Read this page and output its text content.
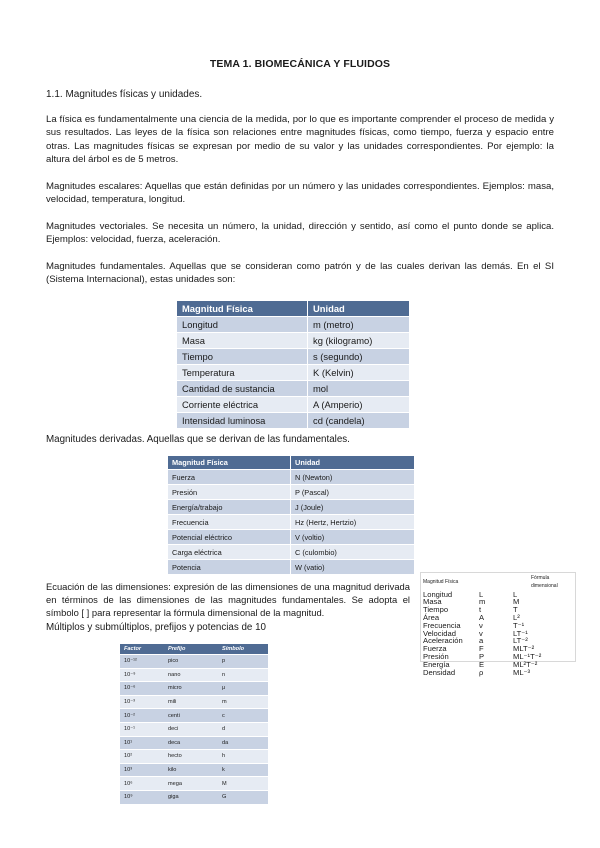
TEMA 1. BIOMECÁNICA Y FLUIDOS
1.1. Magnitudes físicas y unidades.

La física es fundamentalmente una ciencia de la medida, por lo que es importante comprender el proceso de medida y sus resultados. Las leyes de la física son relaciones entre magnitudes físicas, como tiempo, fuerza y espacio entre otras. Las magnitudes físicas se expresan por medio de su valor y las unidades correspondientes. Por ejemplo: la altura del árbol es de 5 metros.

Magnitudes escalares: Aquellas que están definidas por un número y las unidades correspondientes. Ejemplos: masa, velocidad, temperatura, longitud.

Magnitudes vectoriales. Se necesita un número, la unidad, dirección y sentido, así como el punto donde se aplica. Ejemplos: velocidad, fuerza, aceleración.

Magnitudes fundamentales. Aquellas que se consideran como patrón y de las cuales derivan las demás. En el SI (Sistema Internacional), estas unidades son:

Magnitud Física	Unidad
Longitud	m (metro)
Masa	kg (kilogramo)
Tiempo	s (segundo)
Temperatura	K (Kelvin)
Cantidad de sustancia	mol
Corriente eléctrica	A (Amperio)
Intensidad luminosa	cd (candela)
Magnitudes derivadas. Aquellas que se derivan de las fundamentales.
Magnitud Física	Unidad
Fuerza	N (Newton)
Presión	P (Pascal)
Energía/trabajo	J (Joule)
Frecuencia	Hz (Hertz, Hertzio)
Potencial eléctrico	V (voltio)
Carga eléctrica	C (culombio)
Potencia	W (vatio)

Ecuación de las dimensiones: expresión de las dimensiones de una magnitud derivada en términos de las dimensiones de las magnitudes fundamentales. Se adopta el símbolo [ ] para representar la fórmula dimensional de la magnitud.

Magnitud Física		Fórmula dimensional
Longitud	L	L
Masa	m	M
Tiempo	t	T
Área	A	L²
Frecuencia	ν	T⁻¹
Velocidad	v	LT⁻¹
Aceleración	a	LT⁻²
Fuerza	F	MLT⁻²
Presión	P	ML⁻¹T⁻²
Energía	E	ML²T⁻²
Densidad	ρ	ML⁻³
Múltiplos y submúltiplos, prefijos y potencias de 10
Factor	Prefijo	Símbolo
10⁻¹²	pico	p
10⁻⁹	nano	n
10⁻⁶	micro	μ
10⁻³	mili	m
10⁻²	centi	c
10⁻¹	deci	d
10¹	deca	da
10²	hecto	h
10³	kilo	k
10⁶	mega	M
10⁹	giga	G
